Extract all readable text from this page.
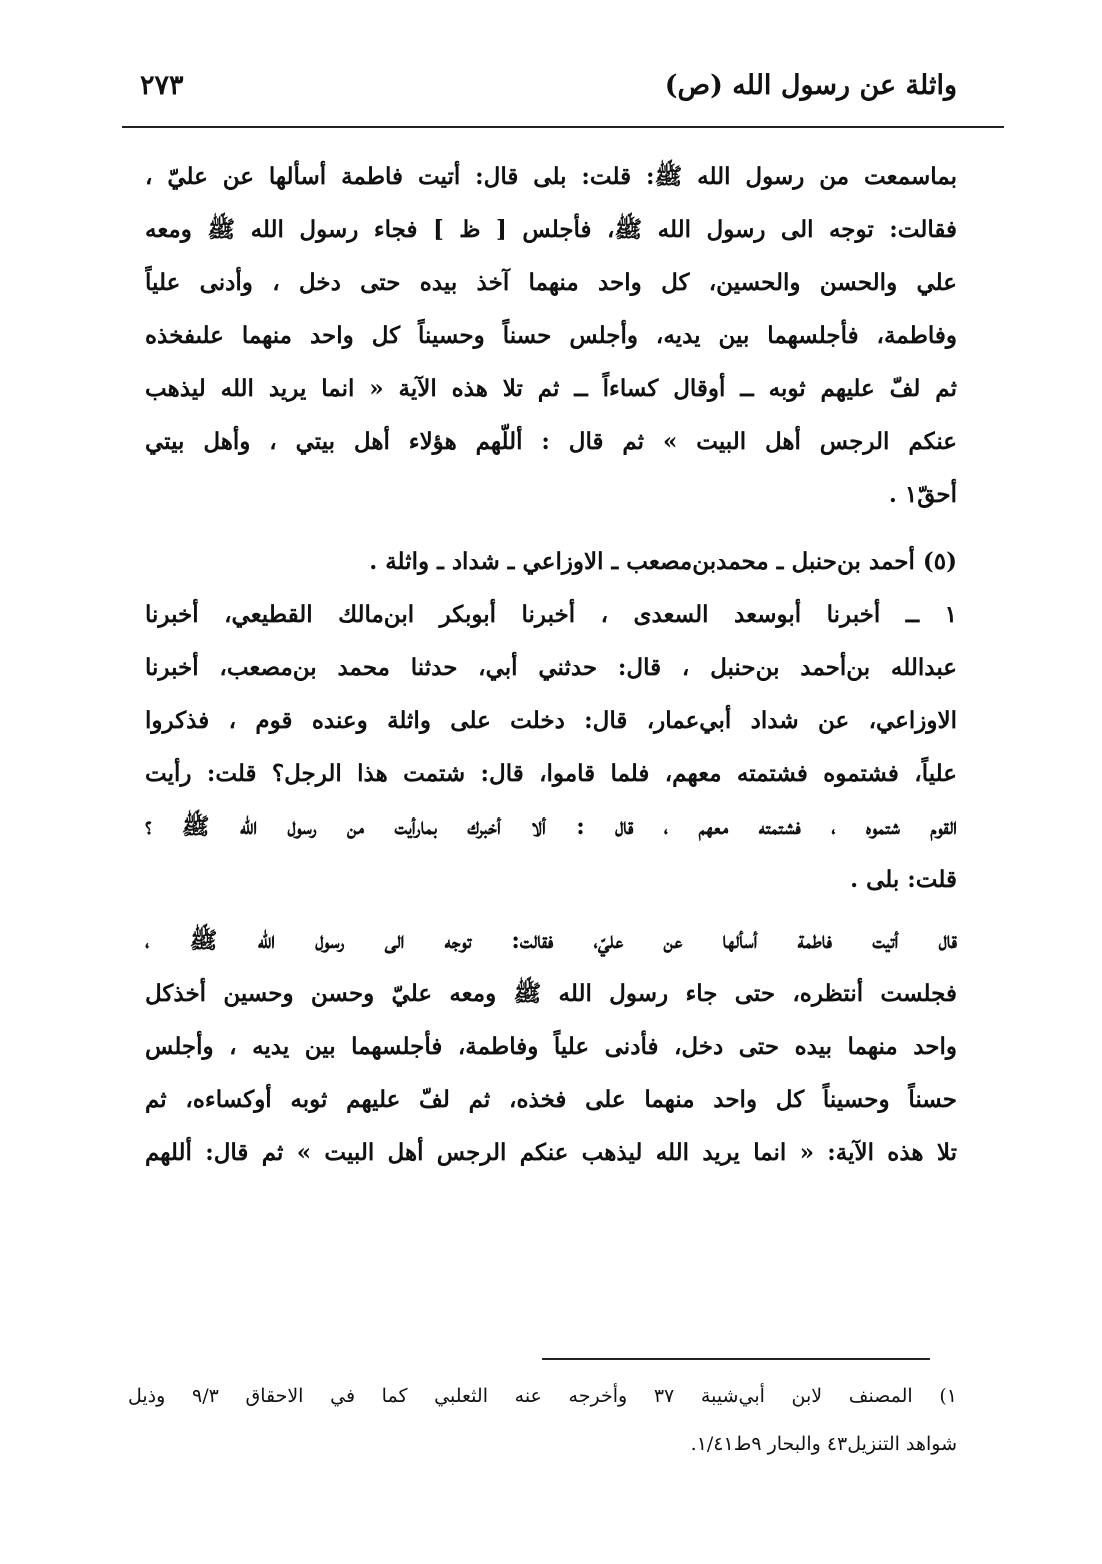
واثلة عن رسول الله (ص)
٢٧٣
بماسمعت من رسول الله ﷺ: قلت: بلى قال: أتيت فاطمة أسألها عن عليّ ،
فقالت: توجه الى رسول الله ﷺ، فأجلس [ ظ ] فجاء رسول الله ﷺ ومعه
علي والحسن والحسين، كل واحد منهما آخذ بيده حتى دخل ، وأدنى علياً
وفاطمة، فأجلسهما بين يديه، وأجلس حسناً وحسيناً كل واحد منهما علىفخذه
ثم لفّ عليهم ثوبه ــ أوقال كساءاً ــ ثم تلا هذه الآية « انما يريد الله ليذهب
عنكم الرجس أهل البيت » ثم قال : أللّهم هؤلاء أهل بيتي ، وأهل بيتي
أحقّ١ .
(٥) أحمد بن‌حنبل ـ محمدبن‌مصعب ـ الاوزاعي ـ شداد ـ واثلة .
١ ــ أخبرنا أبوسعد السعدى ، أخبرنا أبوبكر ابن‌مالك القطيعي، أخبرنا
عبدالله بن‌أحمد بن‌حنبل ، قال: حدثني أبي، حدثنا محمد بن‌مصعب، أخبرنا
الاوزاعي، عن شداد أبي‌عمار، قال: دخلت على واثلة وعنده قوم ، فذكروا
علياً، فشتموه فشتمته معهم، فلما قاموا، قال: شتمت هذا الرجل؟ قلت: رأيت
القوم شتموه ، فشتمته معهم ، قال : ألا أخبرك بمارأيت من رسول الله ﷺ ؟
قلت: بلى .
قال أتيت فاطمة أسألها عن عليّ، فقالت: توجه الى رسول الله ﷺ ،
فجلست أنتظره، حتى جاء رسول الله ﷺ ومعه عليّ وحسن وحسين أخذكل
واحد منهما بيده حتى دخل، فأدنى علياً وفاطمة، فأجلسهما بين يديه ، وأجلس
حسناً وحسيناً كل واحد منهما على فخذه، ثم لفّ عليهم ثوبه أوكساءه، ثم
تلا هذه الآية: « انما يريد الله ليذهب عنكم الرجس أهل البيت » ثم قال: أللهم
١) المصنف لابن أبي‌شيبة ٣٧ وأخرجه عنه الثعلبي كما في الاحقاق ٩/٣ وذيل
شواهد التنزيل٤٣ والبحار ٩ط١/٤١.
